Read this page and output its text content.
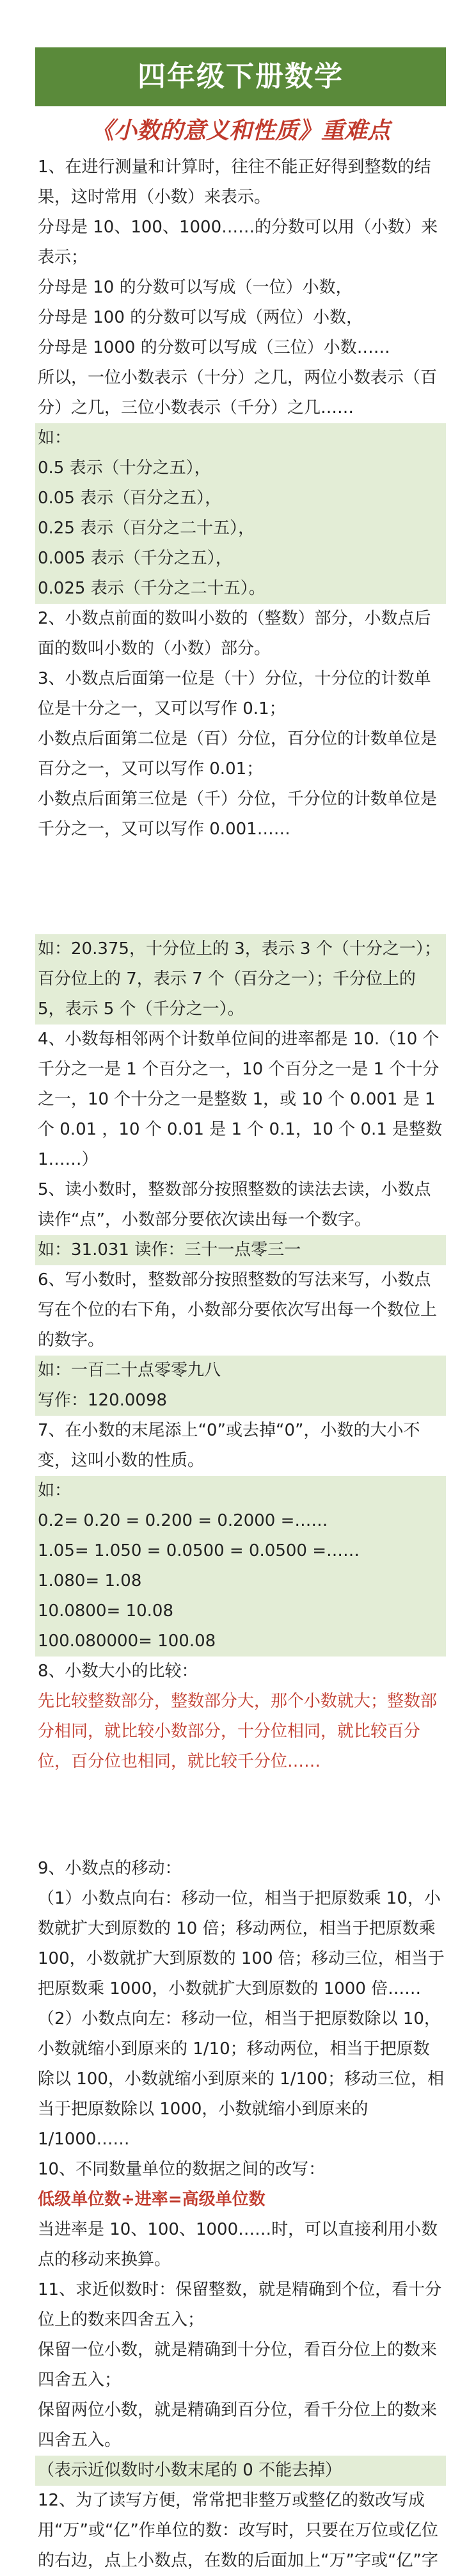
四年级下册数学
《小数的意义和性质》重难点
1、在进行测量和计算时，往往不能正好得到整数的结果，这时常用（小数）来表示。
分母是 10、100、1000……的分数可以用（小数）来表示；
分母是 10 的分数可以写成（一位）小数，
分母是 100 的分数可以写成（两位）小数，
分母是 1000 的分数可以写成（三位）小数……
所以，一位小数表示（十分）之几，两位小数表示（百分）之几，三位小数表示（千分）之几……
如：
0.5 表示（十分之五），
0.05 表示（百分之五），
0.25 表示（百分之二十五），
0.005 表示（千分之五），
0.025 表示（千分之二十五）。
2、小数点前面的数叫小数的（整数）部分，小数点后面的数叫小数的（小数）部分。
3、小数点后面第一位是（十）分位，十分位的计数单位是十分之一，又可以写作 0.1；
小数点后面第二位是（百）分位，百分位的计数单位是百分之一，又可以写作 0.01；
小数点后面第三位是（千）分位，千分位的计数单位是千分之一，又可以写作 0.001……
如：20.375，十分位上的 3，表示 3 个（十分之一）；百分位上的 7，表示 7 个（百分之一）；千分位上的 5，表示 5 个（千分之一）。
4、小数每相邻两个计数单位间的进率都是 10.（10 个千分之一是 1 个百分之一，10 个百分之一是 1 个十分之一，10 个十分之一是整数 1，或 10 个 0.001 是 1 个 0.01 ，10 个 0.01 是 1 个 0.1，10 个 0.1 是整数 1……）
5、读小数时，整数部分按照整数的读法去读，小数点读作“点”，小数部分要依次读出每一个数字。
如：31.031 读作：三十一点零三一
6、写小数时，整数部分按照整数的写法来写，小数点写在个位的右下角，小数部分要依次写出每一个数位上的数字。
如：一百二十点零零九八
写作：120.0098
7、在小数的末尾添上“0”或去掉“0”，小数的大小不变，这叫小数的性质。
如：
0.2= 0.20 = 0.200 = 0.2000 =……
1.05= 1.050 = 0.0500 = 0.0500 =……
1.080= 1.08
10.0800= 10.08
100.080000= 100.08
8、小数大小的比较：
先比较整数部分，整数部分大，那个小数就大；整数部分相同，就比较小数部分，十分位相同，就比较百分位，百分位也相同，就比较千分位……
9、小数点的移动：
（1）小数点向右：移动一位，相当于把原数乘 10，小数就扩大到原数的 10 倍；移动两位，相当于把原数乘 100，小数就扩大到原数的 100 倍；移动三位，相当于把原数乘 1000，小数就扩大到原数的 1000 倍……
（2）小数点向左：移动一位，相当于把原数除以 10，小数就缩小到原来的 1/10；移动两位，相当于把原数除以 100，小数就缩小到原来的 1/100；移动三位，相当于把原数除以 1000，小数就缩小到原来的 1/1000……
10、不同数量单位的数据之间的改写：
低级单位数÷进率=高级单位数
当进率是 10、100、1000……时，可以直接利用小数点的移动来换算。
11、求近似数时：保留整数，就是精确到个位，看十分位上的数来四舍五入；
保留一位小数，就是精确到十分位，看百分位上的数来四舍五入；
保留两位小数，就是精确到百分位，看千分位上的数来四舍五入。
（表示近似数时小数末尾的 0 不能去掉）
12、为了读写方便，常常把非整万或整亿的数改写成用“万”或“亿”作单位的数：改写时，只要在万位或亿位的右边，点上小数点，在数的后面加上“万”字或“亿”字
